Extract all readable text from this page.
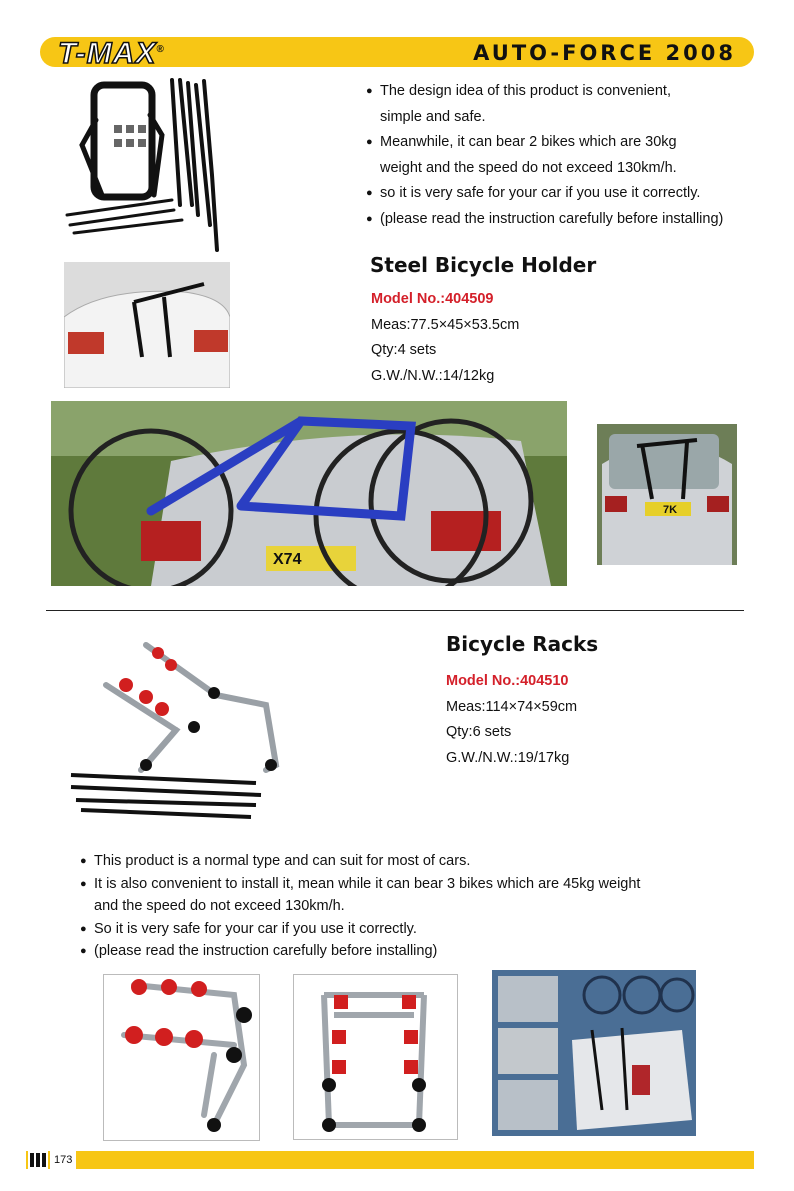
T-MAX®	AUTO-FORCE 2008
● The design idea of this product is convenient,
simple and safe.
● Meanwhile, it can bear 2 bikes which are 30kg
weight and the speed do not exceed 130km/h.
● so it is very safe for your car if you use it correctly.
● (please read the instruction carefully before installing)
Steel Bicycle Holder
Model No.:404509
Meas:77.5×45×53.5cm
Qty:4 sets
G.W./N.W.:14/12kg
X74
7K
Bicycle Racks
Model No.:404510
Meas:114×74×59cm
Qty:6 sets
G.W./N.W.:19/17kg
● This product is a normal type and can suit for most of cars.
● It is also convenient to install it, mean while it can bear 3 bikes which are 45kg weight
and the speed do not exceed 130km/h.
● So it is very safe for your car if you use it correctly.
● (please read the instruction carefully before installing)
173
